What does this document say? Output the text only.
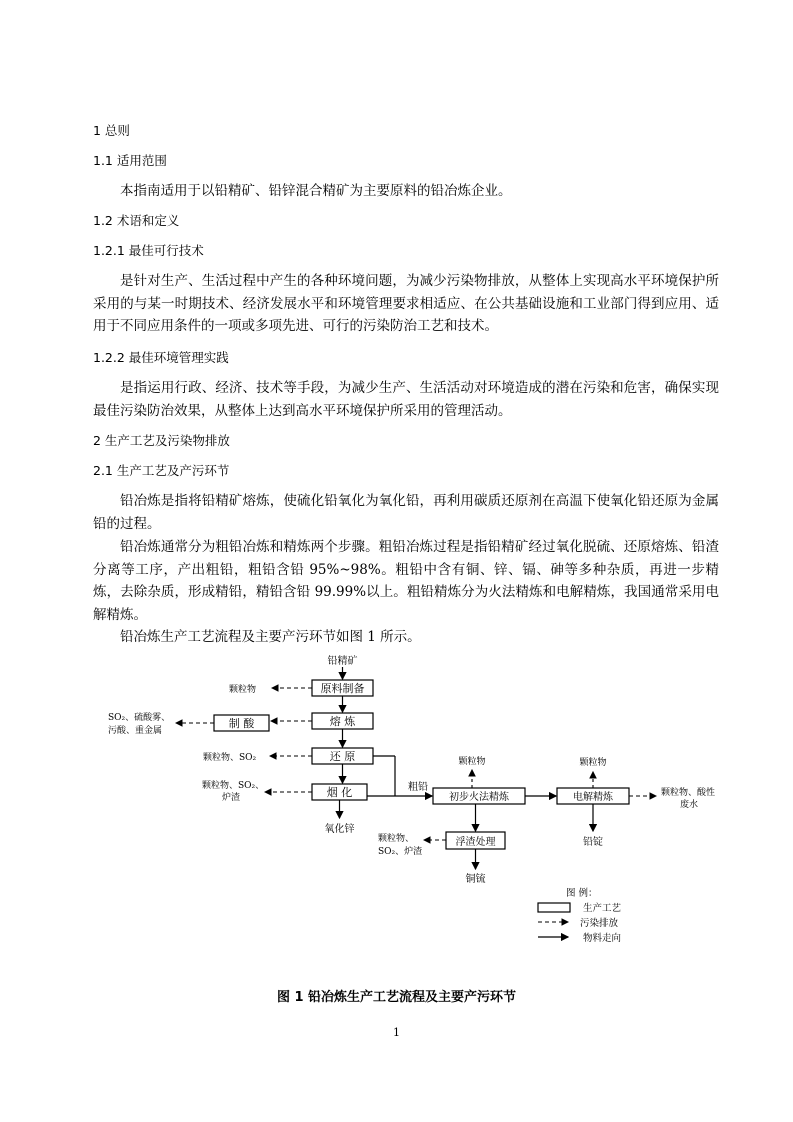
1 总则
1.1 适用范围
本指南适用于以铅精矿、铅锌混合精矿为主要原料的铅冶炼企业。
1.2 术语和定义
1.2.1 最佳可行技术
是针对生产、生活过程中产生的各种环境问题，为减少污染物排放，从整体上实现高水平环境保护所采用的与某一时期技术、经济发展水平和环境管理要求相适应、在公共基础设施和工业部门得到应用、适用于不同应用条件的一项或多项先进、可行的污染防治工艺和技术。
1.2.2 最佳环境管理实践
是指运用行政、经济、技术等手段，为减少生产、生活活动对环境造成的潜在污染和危害，确保实现最佳污染防治效果，从整体上达到高水平环境保护所采用的管理活动。
2 生产工艺及污染物排放
2.1 生产工艺及产污环节
铅冶炼是指将铅精矿熔炼，使硫化铅氧化为氧化铅，再利用碳质还原剂在高温下使氧化铅还原为金属铅的过程。
铅冶炼通常分为粗铅冶炼和精炼两个步骤。粗铅冶炼过程是指铅精矿经过氧化脱硫、还原熔炼、铅渣分离等工序，产出粗铅，粗铅含铅 95%~98%。粗铅中含有铜、锌、镉、砷等多种杂质，再进一步精炼，去除杂质，形成精铅，精铅含铅 99.99%以上。粗铅精炼分为火法精炼和电解精炼，我国通常采用电解精炼。
铅冶炼生产工艺流程及主要产污环节如图 1 所示。
原料制备
熔 炼
制 酸
还 原
烟 化	初步火法精炼	电解精炼
浮渣处理
铅精矿
氧化锌
SO₂、硫酸雾、
污酸、重金属
颗粒物
颗粒物、SO₂
颗粒物、SO₂、
炉渣
粗铅
颗粒物	颗粒物
颗粒物、酸性
废水
铅锭
颗粒物、
SO₂、炉渣
铜锍
图 例：
生产工艺
污染排放
物料走向
图 1 铅冶炼生产工艺流程及主要产污环节
1
